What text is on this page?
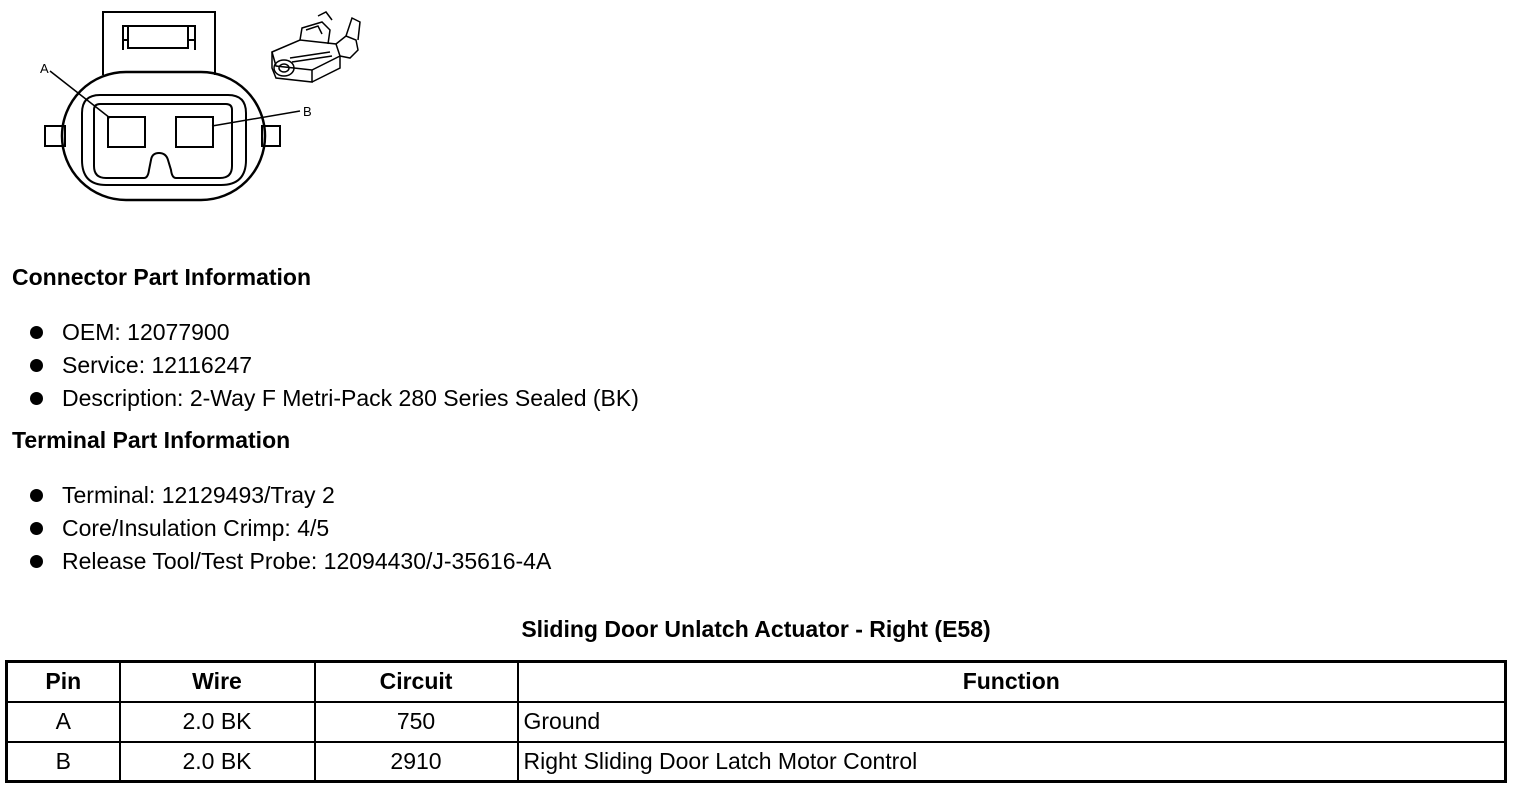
A
B
Connector Part Information
OEM: 12077900
Service: 12116247
Description: 2-Way F Metri-Pack 280 Series Sealed (BK)
Terminal Part Information
Terminal: 12129493/Tray 2
Core/Insulation Crimp: 4/5
Release Tool/Test Probe: 12094430/J-35616-4A
Sliding Door Unlatch Actuator - Right (E58)
Pin	Wire	Circuit	Function
A	2.0 BK	750	Ground
B	2.0 BK	2910	Right Sliding Door Latch Motor Control
